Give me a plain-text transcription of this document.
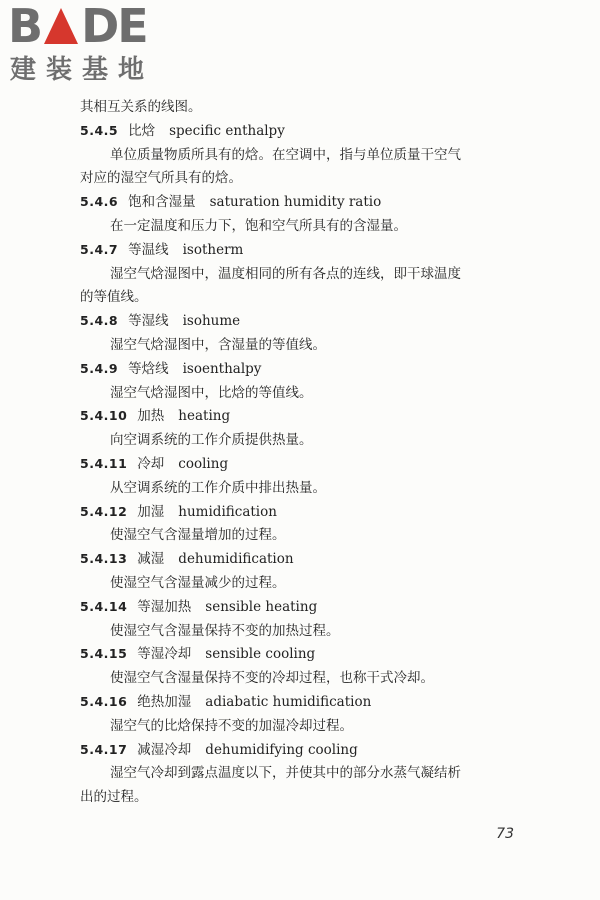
B DE
建装基地
其相互关系的线图。
5.4.5 比焓 specific enthalpy
单位质量物质所具有的焓。在空调中，指与单位质量干空气
对应的湿空气所具有的焓。
5.4.6 饱和含湿量 saturation humidity ratio
在一定温度和压力下，饱和空气所具有的含湿量。
5.4.7 等温线 isotherm
湿空气焓湿图中，温度相同的所有各点的连线，即干球温度
的等值线。
5.4.8 等湿线 isohume
湿空气焓湿图中，含湿量的等值线。
5.4.9 等焓线 isoenthalpy
湿空气焓湿图中，比焓的等值线。
5.4.10 加热 heating
向空调系统的工作介质提供热量。
5.4.11 冷却 cooling
从空调系统的工作介质中排出热量。
5.4.12 加湿 humidification
使湿空气含湿量增加的过程。
5.4.13 减湿 dehumidification
使湿空气含湿量减少的过程。
5.4.14 等湿加热 sensible heating
使湿空气含湿量保持不变的加热过程。
5.4.15 等湿冷却 sensible cooling
使湿空气含湿量保持不变的冷却过程，也称干式冷却。
5.4.16 绝热加湿 adiabatic humidification
湿空气的比焓保持不变的加湿冷却过程。
5.4.17 减湿冷却 dehumidifying cooling
湿空气冷却到露点温度以下，并使其中的部分水蒸气凝结析
出的过程。
73
